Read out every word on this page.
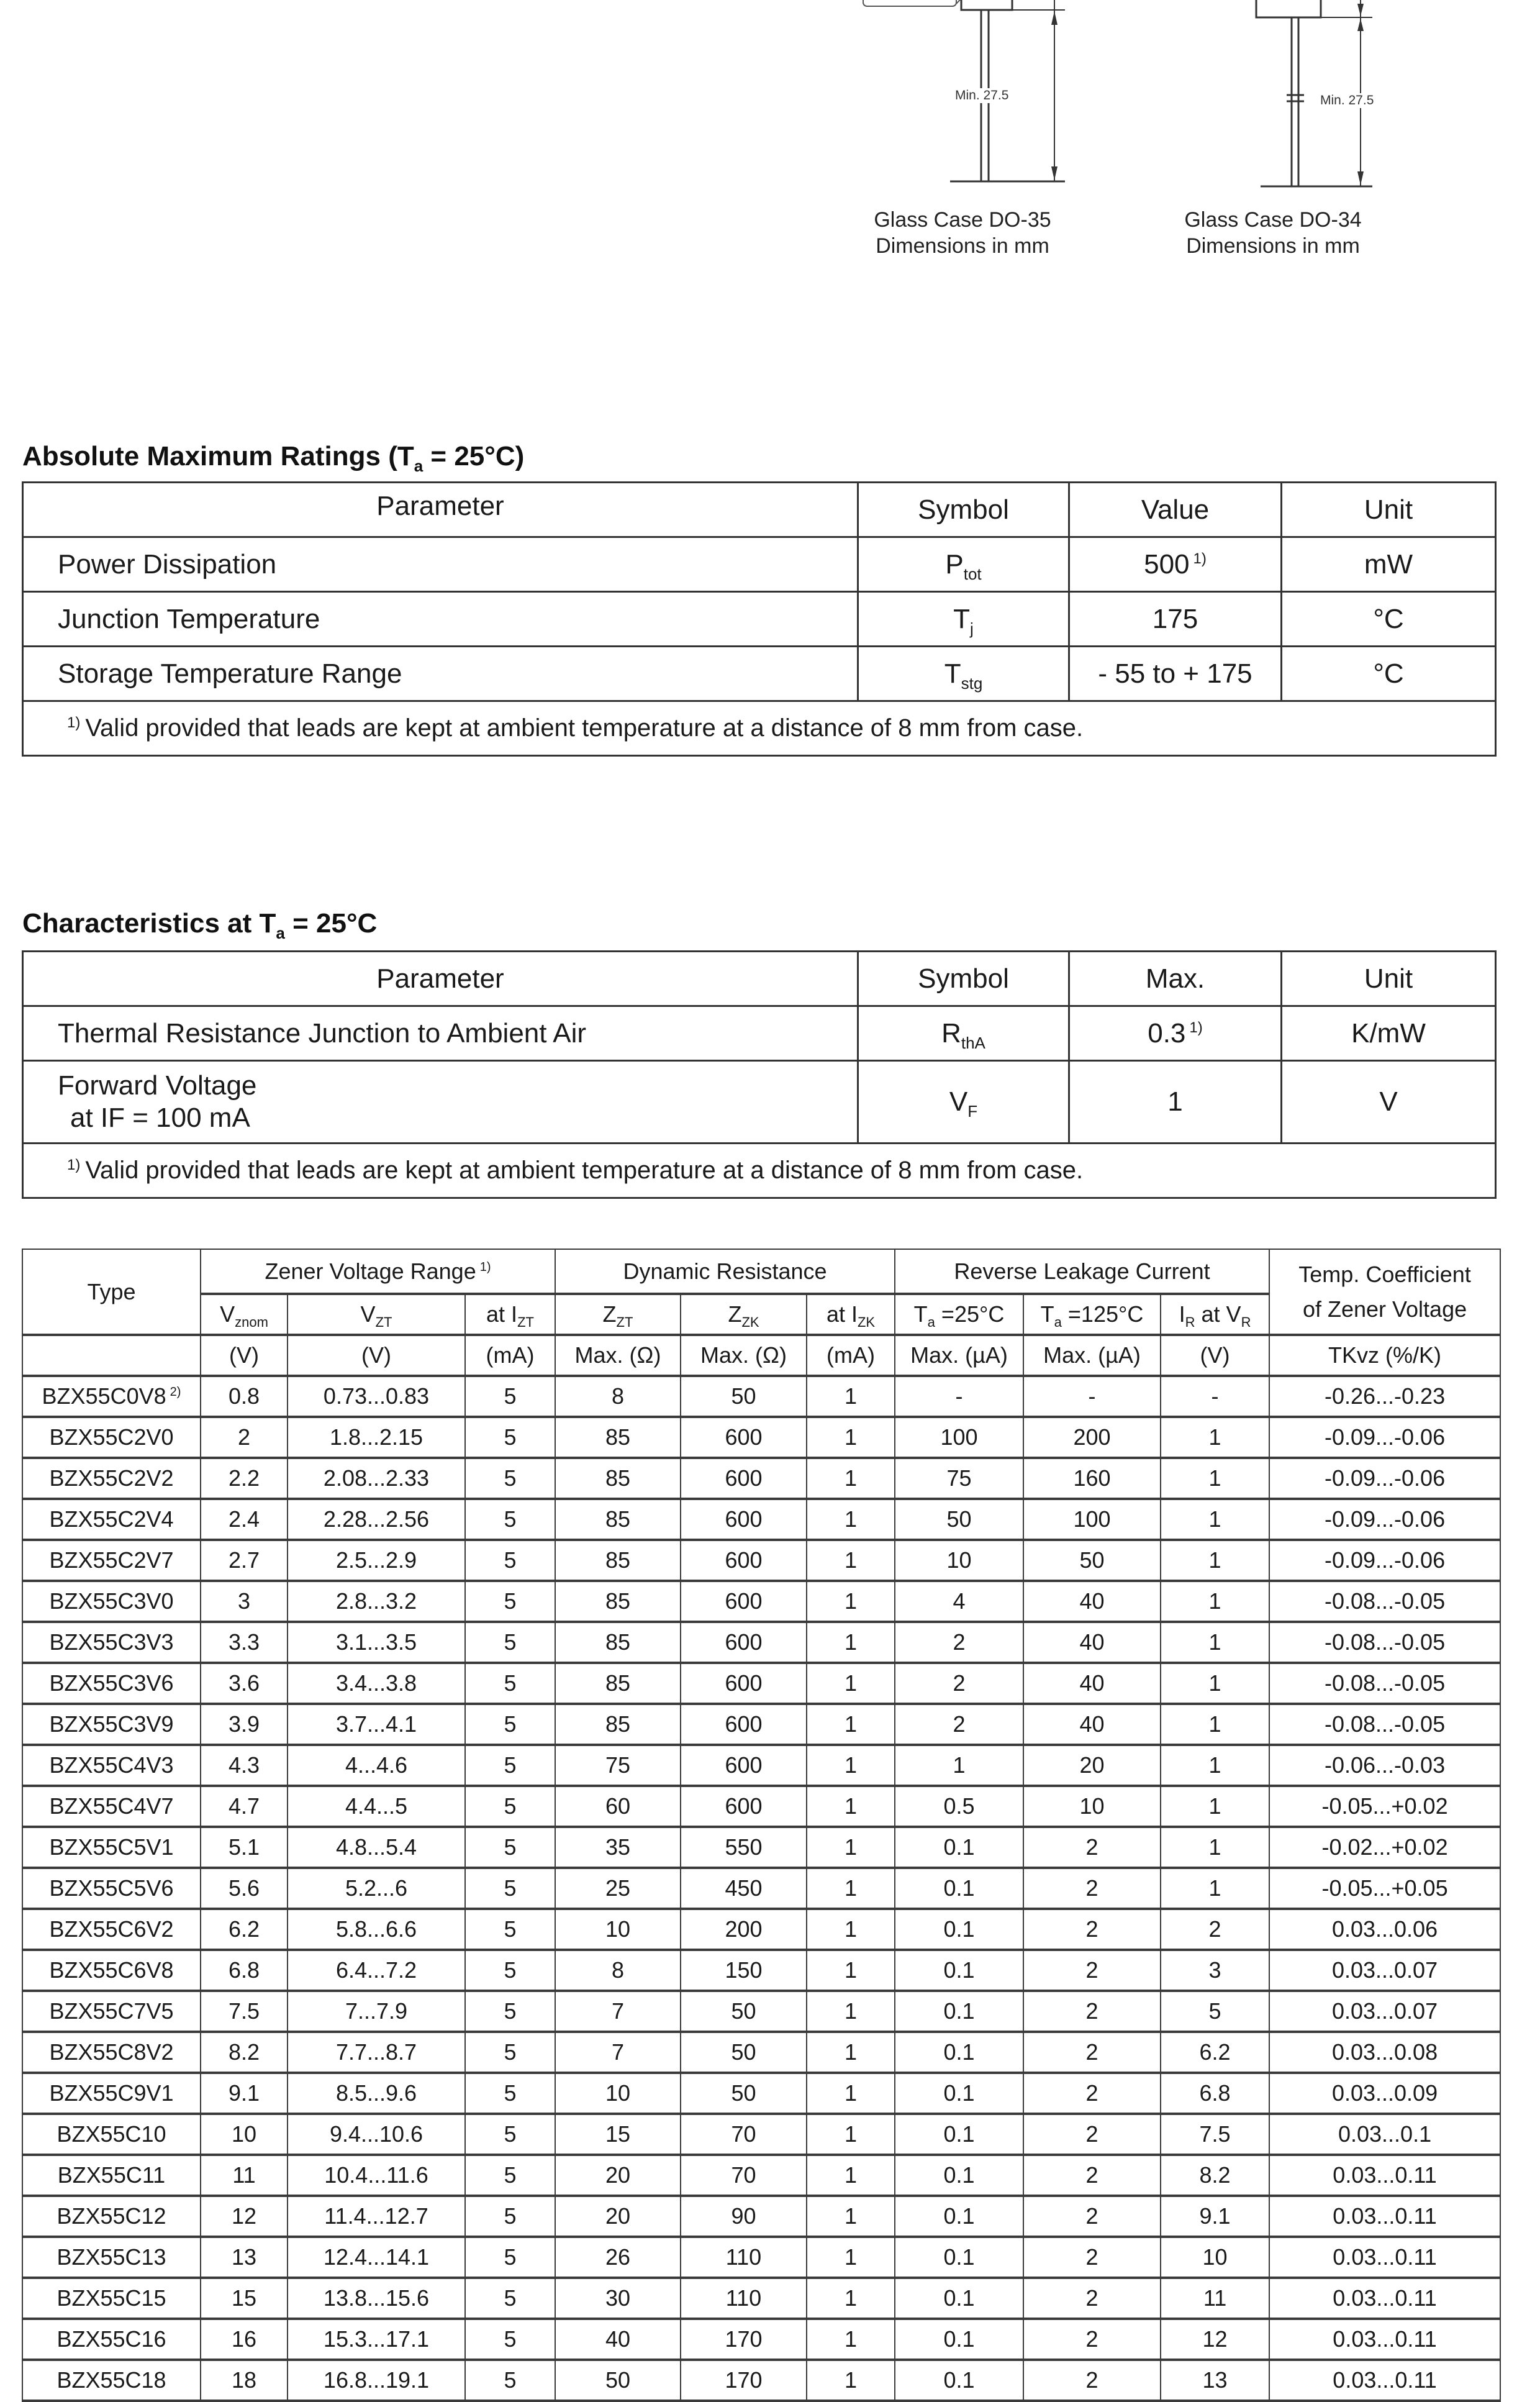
Min. 27.5
Glass Case DO-35
Dimensions in mm
Min. 27.5
Glass Case DO-34
Dimensions in mm
Absolute Maximum Ratings $(T_a = 25^\circ C)$
Parameter	Symbol	Value	Unit
Power Dissipation	$P_{tot}$	500 $^{1)}$	mW
Junction Temperature	$T_j$	175	°C
Storage Temperature Range	$T_{stg}$	- 55 to + 175	°C
$^{1)}$ Valid provided that leads are kept at ambient temperature at a distance of 8 mm from case.			
Characteristics at $T_a = 25^\circ C$
Parameter	Symbol	Max.	Unit
Thermal Resistance Junction to Ambient Air	$R_{thA}$	0.3 $^{1)}$	K/mW

Forward Voltage
at IF = 100 mA	$V_F$	1	V
$^{1)}$ Valid provided that leads are kept at ambient temperature at a distance of 8 mm from case.			
Type	Zener Voltage Range $^{1)}$			Dynamic Resistance			Reverse Leakage Current			Temp. Coefficient
of Zener Voltage

	$V_{znom}$	$V_{ZT}$	at $I_{ZT}$	$Z_{ZT}$	$Z_{ZK}$	at $I_{ZK}$	$T_a =25^\circ C$	$T_a =125^\circ C$	$I_R$ at $V_R$
	(V)	(V)	(mA)	Max. (Ω)	Max. (Ω)	(mA)	Max. (µA)	Max. (µA)	(V)	TKvz (%/K)
BZX55C0V8 $^{2)}$	0.8	0.73...0.83	5	8	50	1	-	-	-	-0.26...-0.23
BZX55C2V0	2	1.8...2.15	5	85	600	1	100	200	1	-0.09...-0.06
BZX55C2V2	2.2	2.08...2.33	5	85	600	1	75	160	1	-0.09...-0.06
BZX55C2V4	2.4	2.28...2.56	5	85	600	1	50	100	1	-0.09...-0.06
BZX55C2V7	2.7	2.5...2.9	5	85	600	1	10	50	1	-0.09...-0.06
BZX55C3V0	3	2.8...3.2	5	85	600	1	4	40	1	-0.08...-0.05
BZX55C3V3	3.3	3.1...3.5	5	85	600	1	2	40	1	-0.08...-0.05
BZX55C3V6	3.6	3.4...3.8	5	85	600	1	2	40	1	-0.08...-0.05
BZX55C3V9	3.9	3.7...4.1	5	85	600	1	2	40	1	-0.08...-0.05
BZX55C4V3	4.3	4...4.6	5	75	600	1	1	20	1	-0.06...-0.03
BZX55C4V7	4.7	4.4...5	5	60	600	1	0.5	10	1	-0.05...+0.02
BZX55C5V1	5.1	4.8...5.4	5	35	550	1	0.1	2	1	-0.02...+0.02
BZX55C5V6	5.6	5.2...6	5	25	450	1	0.1	2	1	-0.05...+0.05
BZX55C6V2	6.2	5.8...6.6	5	10	200	1	0.1	2	2	0.03...0.06
BZX55C6V8	6.8	6.4...7.2	5	8	150	1	0.1	2	3	0.03...0.07
BZX55C7V5	7.5	7...7.9	5	7	50	1	0.1	2	5	0.03...0.07
BZX55C8V2	8.2	7.7...8.7	5	7	50	1	0.1	2	6.2	0.03...0.08
BZX55C9V1	9.1	8.5...9.6	5	10	50	1	0.1	2	6.8	0.03...0.09
BZX55C10	10	9.4...10.6	5	15	70	1	0.1	2	7.5	0.03...0.1
BZX55C11	11	10.4...11.6	5	20	70	1	0.1	2	8.2	0.03...0.11
BZX55C12	12	11.4...12.7	5	20	90	1	0.1	2	9.1	0.03...0.11
BZX55C13	13	12.4...14.1	5	26	110	1	0.1	2	10	0.03...0.11
BZX55C15	15	13.8...15.6	5	30	110	1	0.1	2	11	0.03...0.11
BZX55C16	16	15.3...17.1	5	40	170	1	0.1	2	12	0.03...0.11
BZX55C18	18	16.8...19.1	5	50	170	1	0.1	2	13	0.03...0.11
